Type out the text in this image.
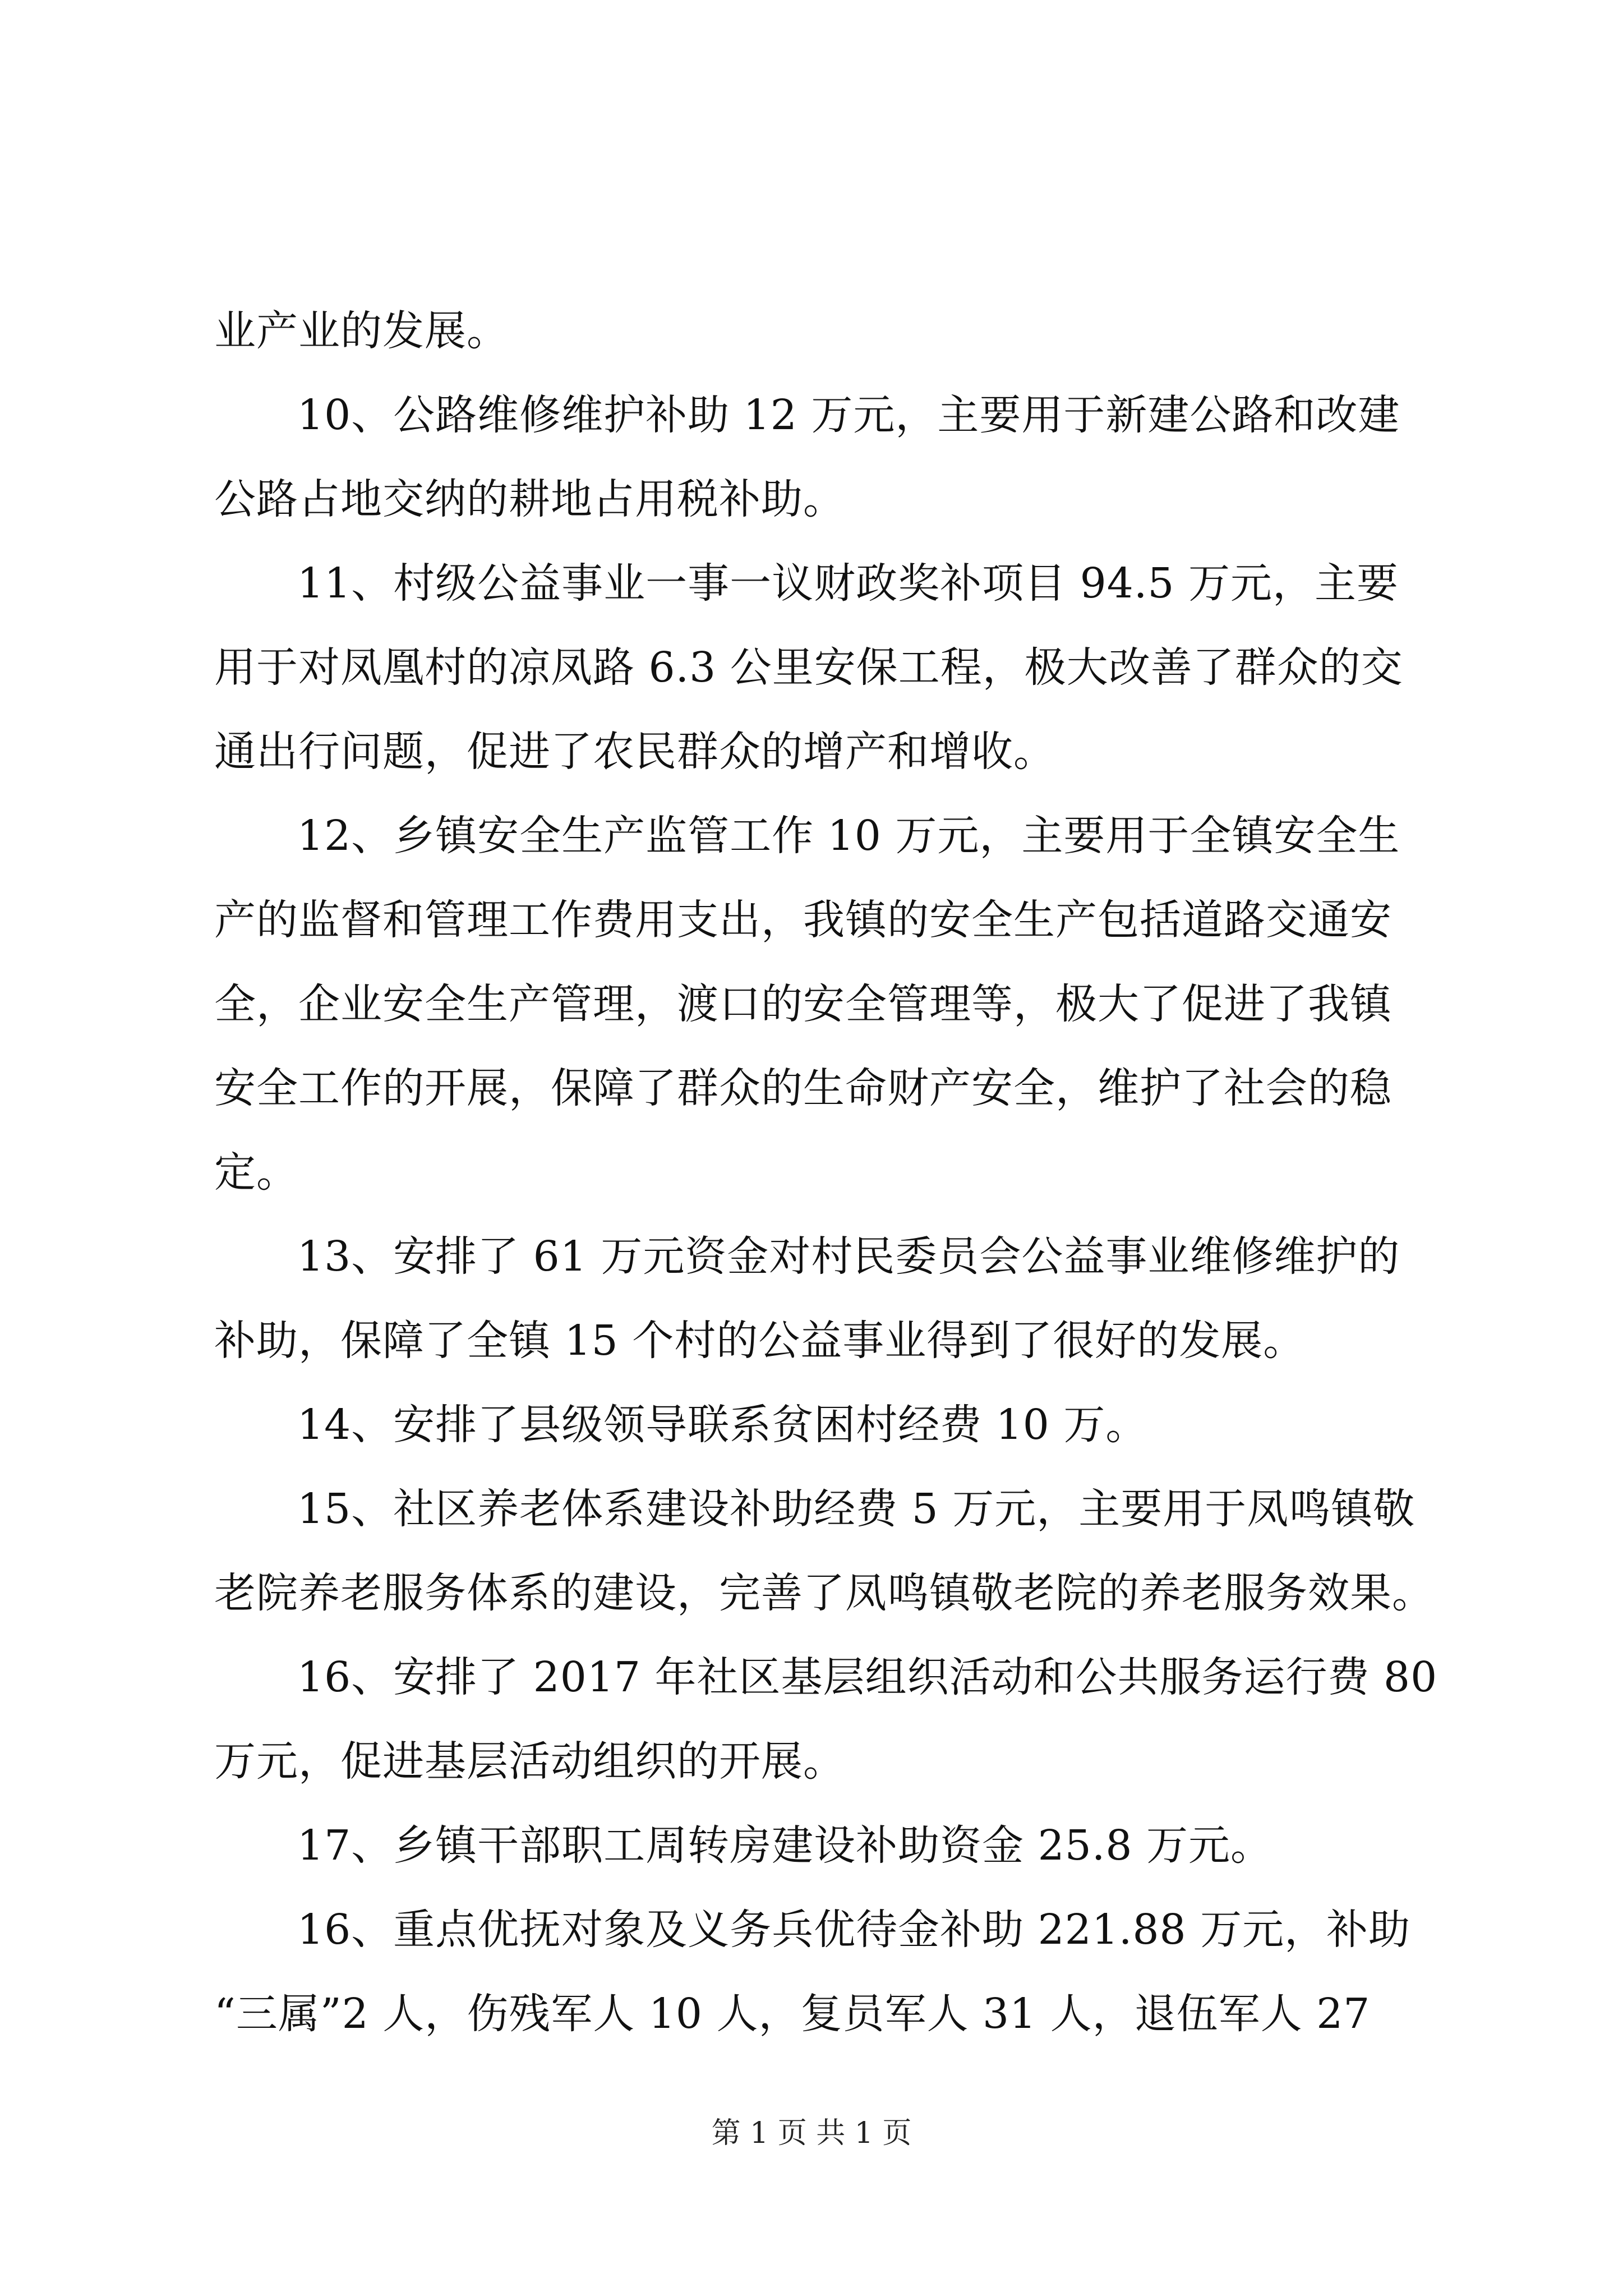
业产业的发展。
10、公路维修维护补助 12 万元，主要用于新建公路和改建
公路占地交纳的耕地占用税补助。
11、村级公益事业一事一议财政奖补项目 94.5 万元，主要
用于对凤凰村的凉凤路 6.3 公里安保工程，极大改善了群众的交
通出行问题，促进了农民群众的增产和增收。
12、乡镇安全生产监管工作 10 万元，主要用于全镇安全生
产的监督和管理工作费用支出，我镇的安全生产包括道路交通安
全，企业安全生产管理，渡口的安全管理等，极大了促进了我镇
安全工作的开展，保障了群众的生命财产安全，维护了社会的稳
定。
13、安排了 61 万元资金对村民委员会公益事业维修维护的
补助，保障了全镇 15 个村的公益事业得到了很好的发展。
14、安排了县级领导联系贫困村经费 10 万。
15、社区养老体系建设补助经费 5 万元，主要用于凤鸣镇敬
老院养老服务体系的建设，完善了凤鸣镇敬老院的养老服务效果。
16、安排了 2017 年社区基层组织活动和公共服务运行费 80
万元，促进基层活动组织的开展。
17、乡镇干部职工周转房建设补助资金 25.8 万元。
16、重点优抚对象及义务兵优待金补助 221.88 万元，补助
“三属”2 人，伤残军人 10 人，复员军人 31 人，退伍军人 27
第 1 页 共 1 页
